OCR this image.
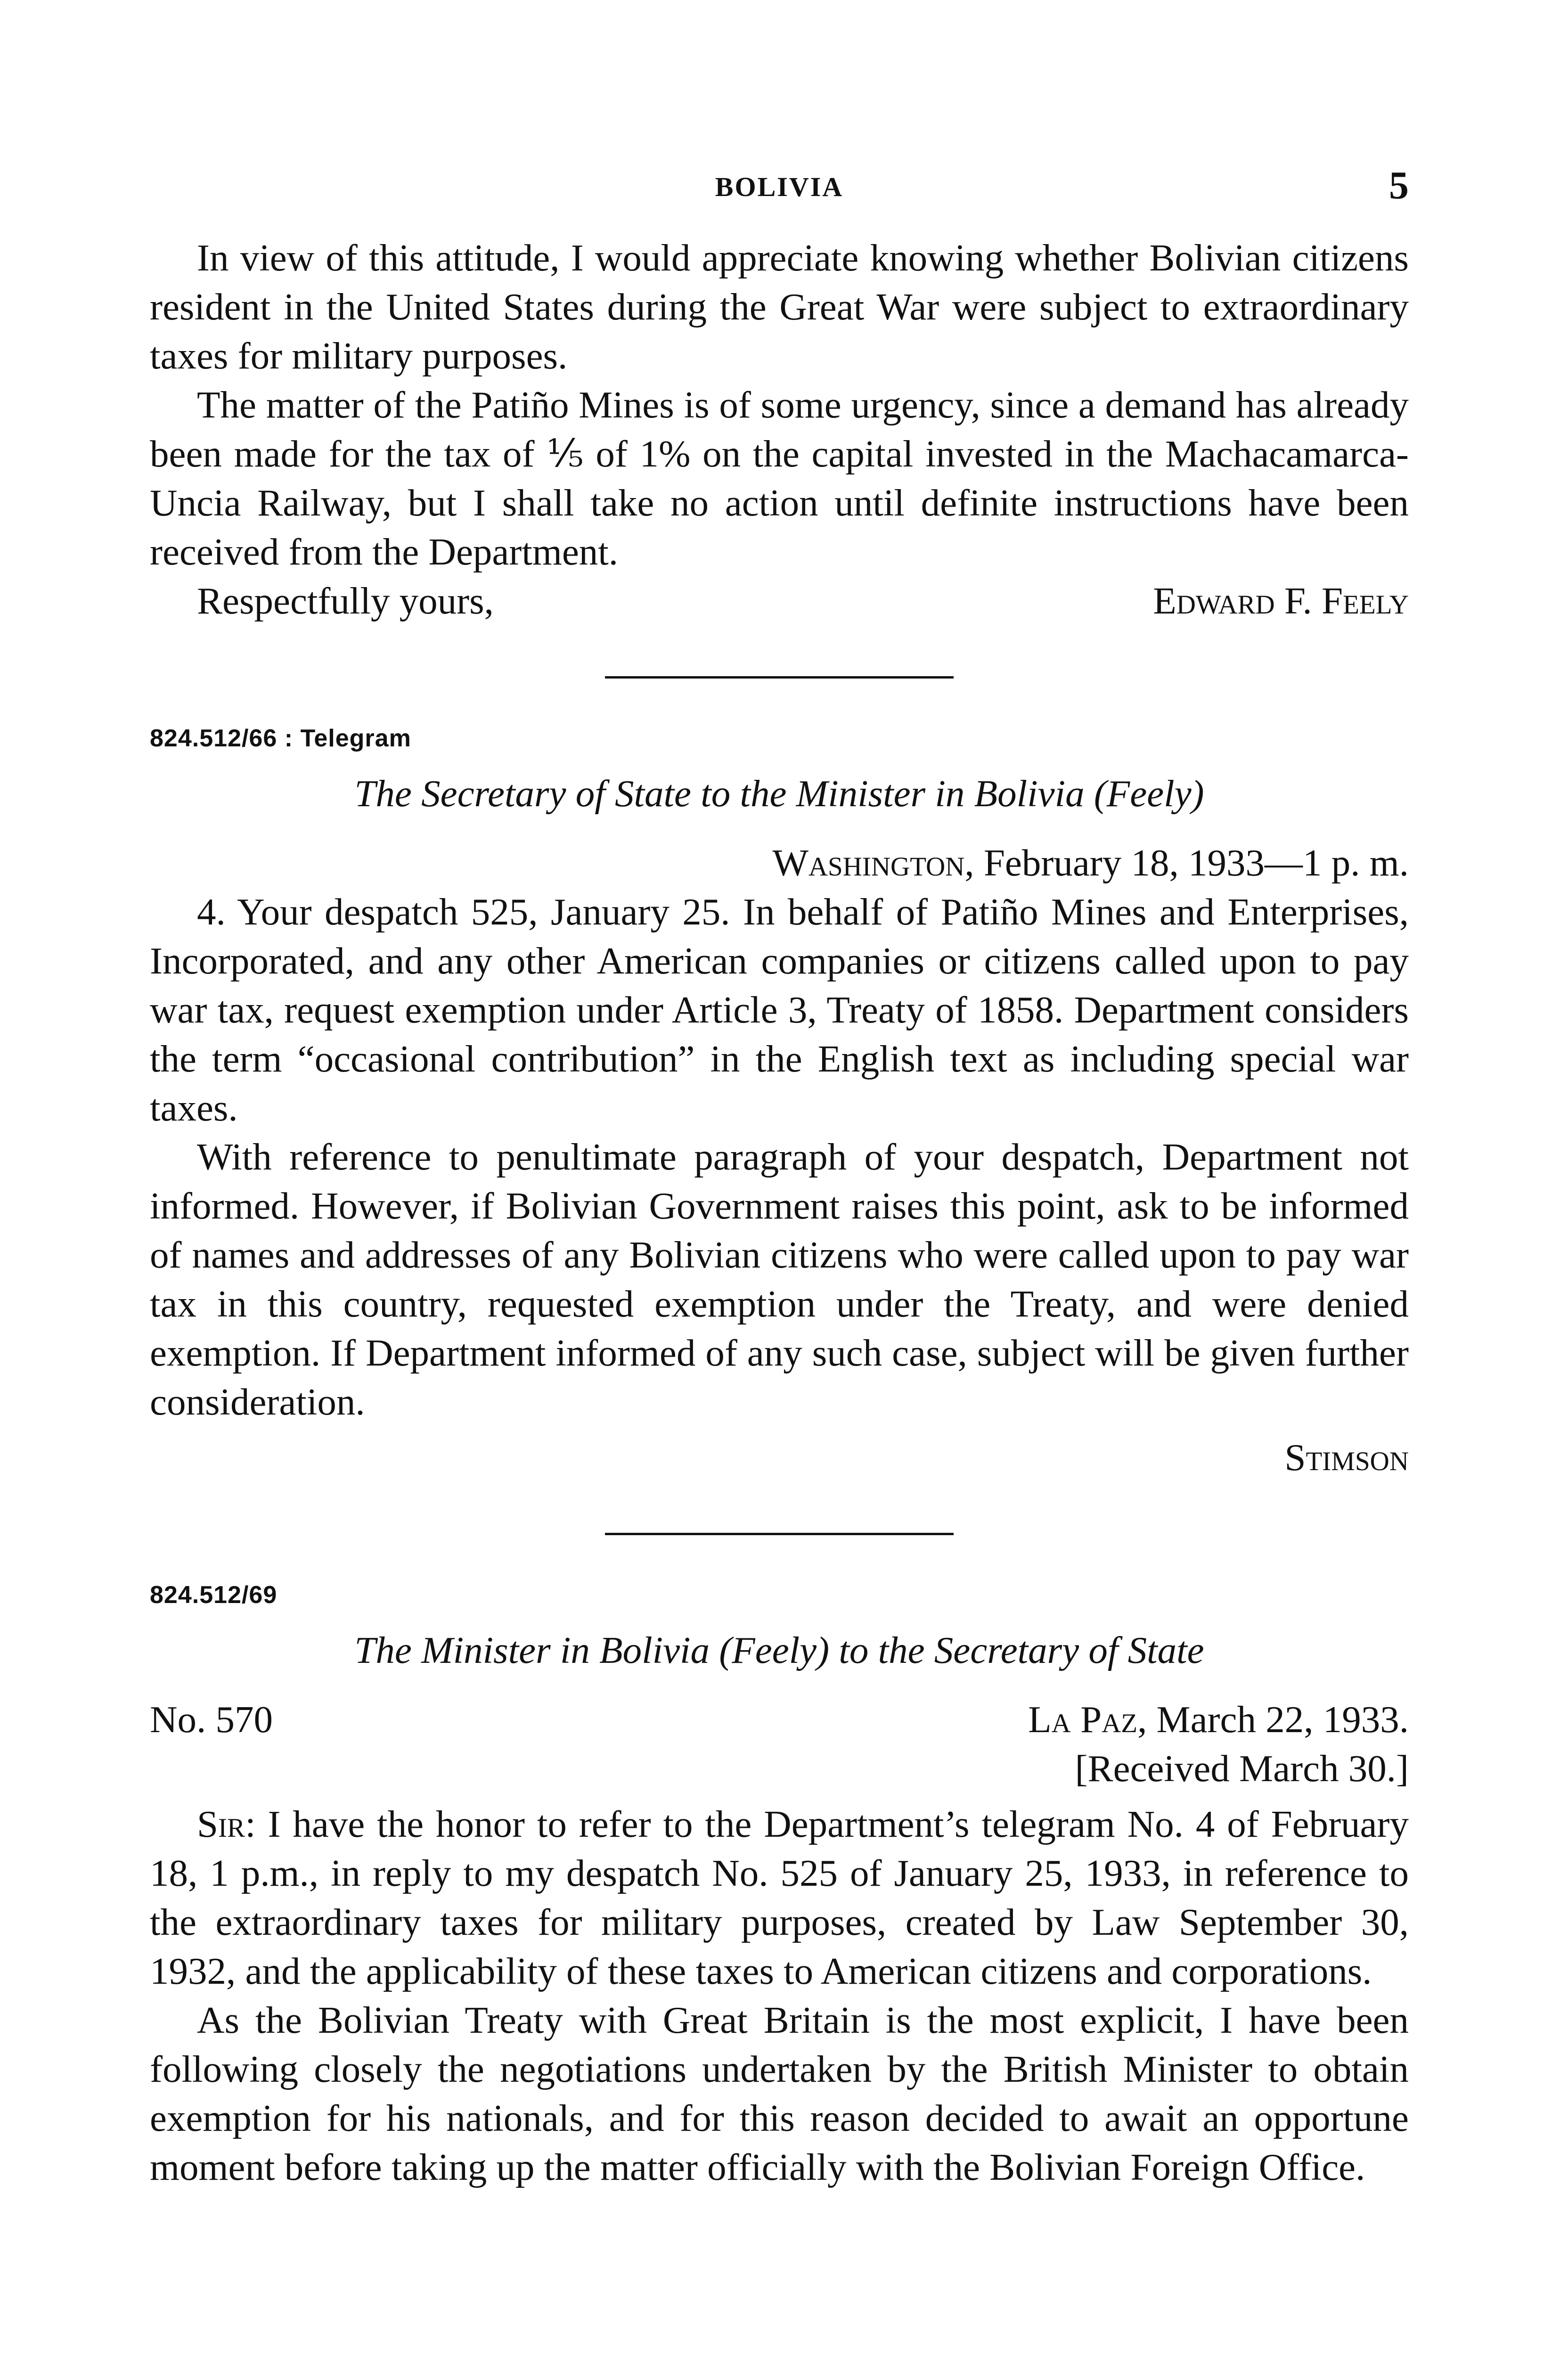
BOLIVIA	5

In view of this attitude, I would appreciate knowing whether Bolivian citizens resident in the United States during the Great War were subject to extraordinary taxes for military purposes.

The matter of the Patiño Mines is of some urgency, since a demand has already been made for the tax of ⅕ of 1% on the capital invested in the Machacamarca-Uncia Railway, but I shall take no action until definite instructions have been received from the Department.

Respectfully yours,	Edward F. Feely
824.512/66 : Telegram
The Secretary of State to the Minister in Bolivia (Feely)
Washington, February 18, 1933—1 p. m.

4. Your despatch 525, January 25. In behalf of Patiño Mines and Enterprises, Incorporated, and any other American companies or citizens called upon to pay war tax, request exemption under Article 3, Treaty of 1858. Department considers the term “occasional contribution” in the English text as including special war taxes.

With reference to penultimate paragraph of your despatch, Department not informed. However, if Bolivian Government raises this point, ask to be informed of names and addresses of any Bolivian citizens who were called upon to pay war tax in this country, requested exemption under the Treaty, and were denied exemption. If Department informed of any such case, subject will be given further consideration.

Stimson
824.512/69
The Minister in Bolivia (Feely) to the Secretary of State
No. 570	La Paz, March 22, 1933.
[Received March 30.]

Sir: I have the honor to refer to the Department’s telegram No. 4 of February 18, 1 p.m., in reply to my despatch No. 525 of January 25, 1933, in reference to the extraordinary taxes for military purposes, created by Law September 30, 1932, and the applicability of these taxes to American citizens and corporations.

As the Bolivian Treaty with Great Britain is the most explicit, I have been following closely the negotiations undertaken by the British Minister to obtain exemption for his nationals, and for this reason decided to await an opportune moment before taking up the matter officially with the Bolivian Foreign Office.
